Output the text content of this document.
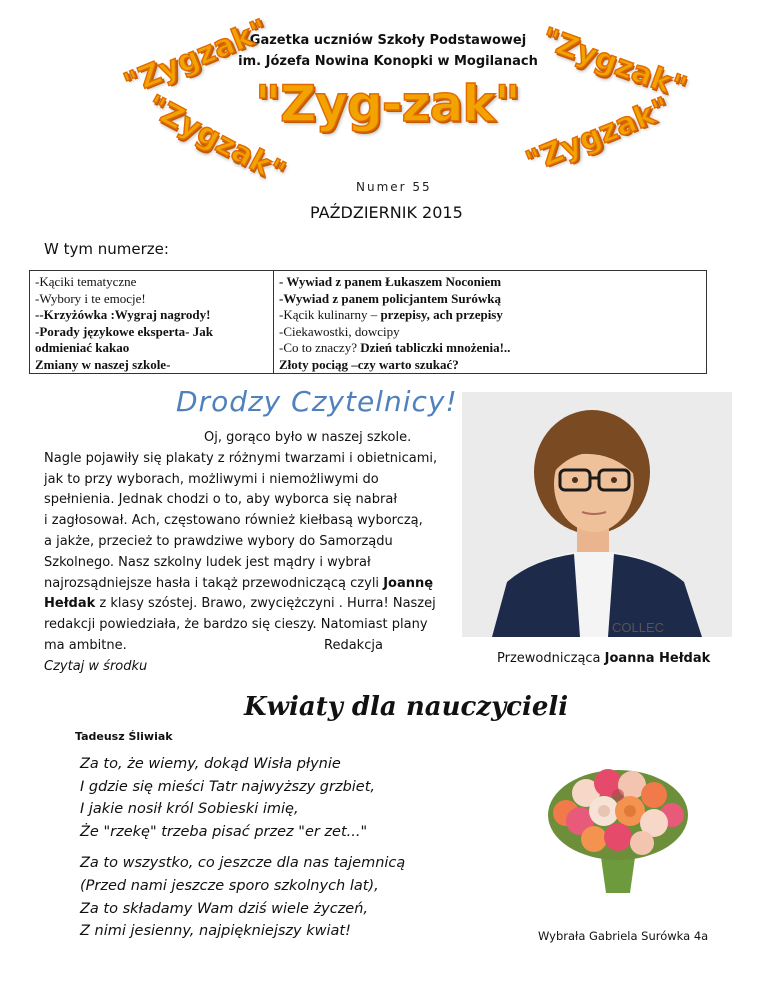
Gazetka uczniów Szkoły Podstawowej
im. Józefa Nowina Konopki w Mogilanach
"Zygzak"	"Zygzak"
"Zygzak"	"Zygzak"
"Zyg-zak"
Numer 55
PAŹDZIERNIK 2015
W tym numerze:
-Kąciki tematyczne
-Wybory i te emocje!
--Krzyżówka :Wygraj nagrody!
-Porady językowe eksperta- Jak
odmieniać kakao
Zmiany w naszej szkole-
- Wywiad z panem Łukaszem Noconiem
-Wywiad z panem policjantem Surówką
-Kącik kulinarny – przepisy, ach przepisy
-Ciekawostki, dowcipy
-Co to znaczy? Dzień tabliczki mnożenia!..
Złoty pociąg –czy warto szukać?
Drodzy Czytelnicy!
Oj, gorąco było w naszej szkole.
Nagle pojawiły się plakaty z różnymi twarzami i obietnicami,
jak to przy wyborach, możliwymi i niemożliwymi do
spełnienia. Jednak chodzi o to, aby wyborca się nabrał
i zagłosował. Ach, częstowano również kiełbasą wyborczą,
a jakże, przecież to prawdziwe wybory do Samorządu
Szkolnego. Nasz szkolny ludek jest mądry i wybrał
najrozsądniejsze hasła i takąż przewodniczącą czyli Joannę
Hełdak z klasy szóstej. Brawo, zwyciężczyni . Hurra! Naszej
redakcji powiedziała, że bardzo się cieszy. Natomiast plany
ma ambitne.	Redakcja
Czytaj w środku
COLLEC
Przewodnicząca Joanna Hełdak
Kwiaty dla nauczycieli
Tadeusz Śliwiak
Za to, że wiemy, dokąd Wisła płynie
I gdzie się mieści Tatr najwyższy grzbiet,
I jakie nosił król Sobieski imię,
Że "rzekę" trzeba pisać przez "er zet..."
Za to wszystko, co jeszcze dla nas tajemnicą
(Przed nami jeszcze sporo szkolnych lat),
Za to składamy Wam dziś wiele życzeń,
Z nimi jesienny, najpiękniejszy kwiat!	Wybrała Gabriela Surówka 4a
